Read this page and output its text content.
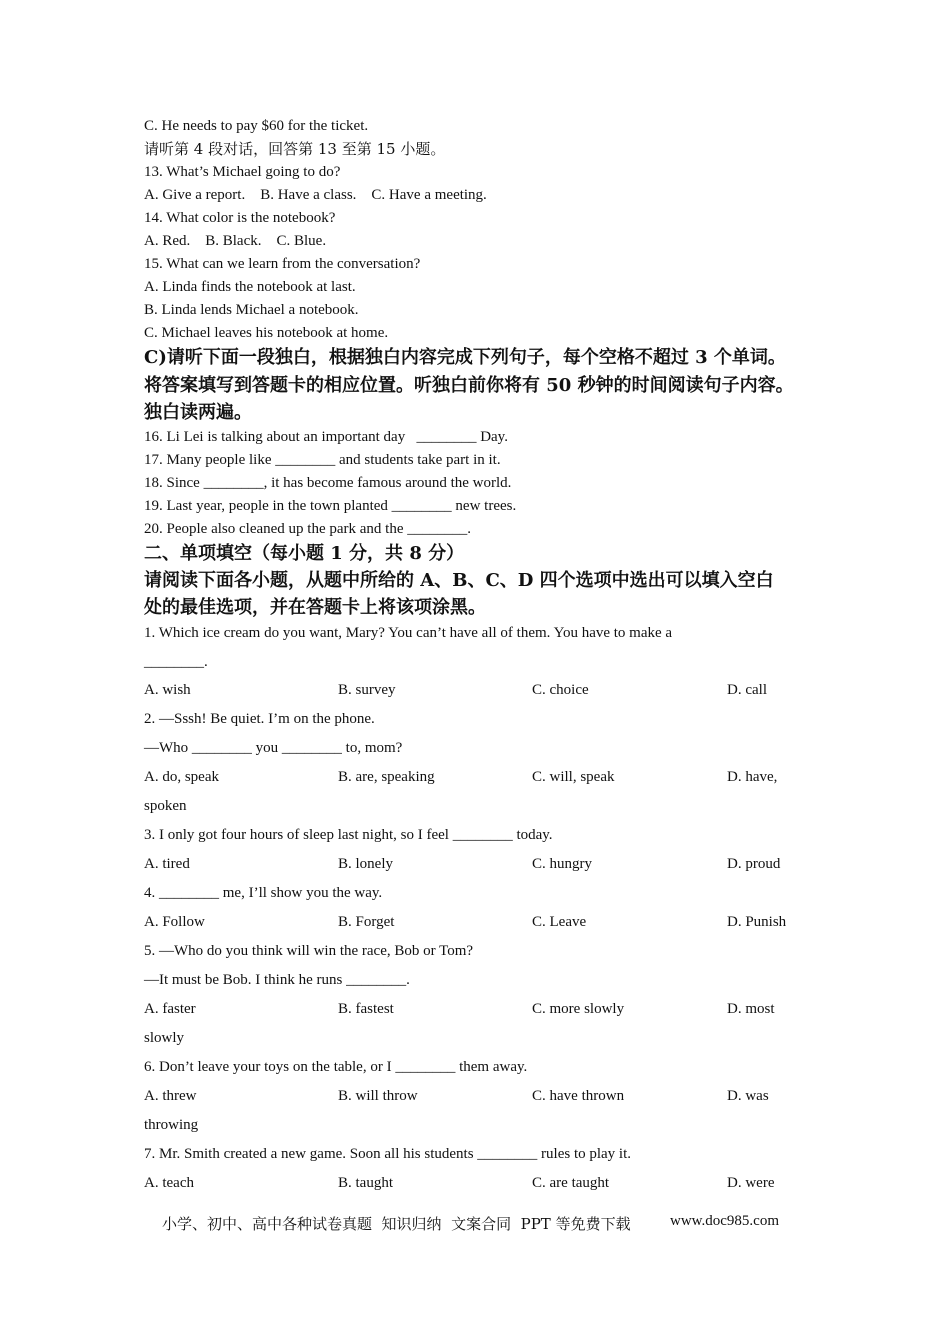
C. He needs to pay $60 for the ticket.
请听第 4 段对话，回答第 13 至第 15 小题。
13. What’s Michael going to do?
A. Give a report.    B. Have a class.    C. Have a meeting.
14. What color is the notebook?
A. Red.    B. Black.    C. Blue.
15. What can we learn from the conversation?
A. Linda finds the notebook at last.
B. Linda lends Michael a notebook.
C. Michael leaves his notebook at home.
C)请听下面一段独白，根据独白内容完成下列句子，每个空格不超过 3 个单词。
将答案填写到答题卡的相应位置。听独白前你将有 50 秒钟的时间阅读句子内容。
独白读两遍。
16. Li Lei is talking about an important day   ________ Day.
17. Many people like ________ and students take part in it.
18. Since ________, it has become famous around the world.
19. Last year, people in the town planted ________ new trees.
20. People also cleaned up the park and the ________.
二、单项填空（每小题 1 分，共 8 分）
请阅读下面各小题，从题中所给的 A、B、C、D 四个选项中选出可以填入空白
处的最佳选项，并在答题卡上将该项涂黑。
1. Which ice cream do you want, Mary? You can’t have all of them. You have to make a
________.
A. wish	B. survey	C. choice	D. call
2. —Sssh! Be quiet. I’m on the phone.
—Who ________ you ________ to, mom?
A. do, speak	B. are, speaking	C. will, speak	D. have,
spoken
3. I only got four hours of sleep last night, so I feel ________ today.
A. tired	B. lonely	C. hungry	D. proud
4. ________ me, I’ll show you the way.
A. Follow	B. Forget	C. Leave	D. Punish
5. —Who do you think will win the race, Bob or Tom?
—It must be Bob. I think he runs ________.
A. faster	B. fastest	C. more slowly	D. most
slowly
6. Don’t leave your toys on the table, or I ________ them away.
A. threw	B. will throw	C. have thrown	D. was
throwing
7. Mr. Smith created a new game. Soon all his students ________ rules to play it.
A. teach	B. taught	C. are taught	D. were
小学、初中、高中各种试卷真题  知识归纳  文案合同  PPT 等免费下载	www.doc985.com
